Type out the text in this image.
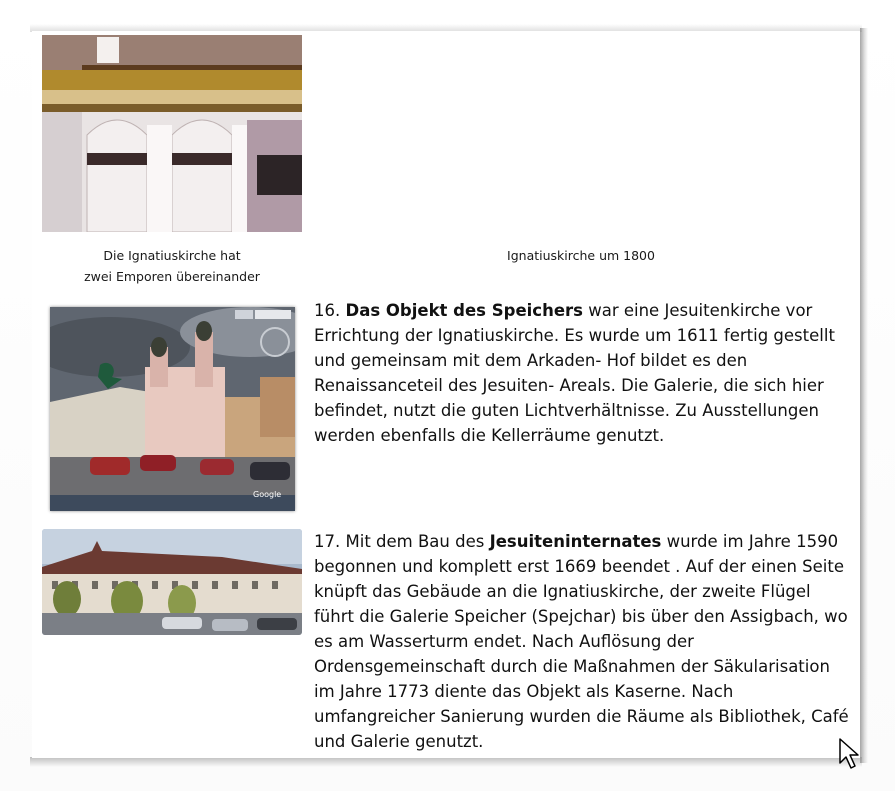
Die Ignatiuskirche hat
zwei Emporen übereinander
Ignatiuskirche um 1800
Google

16. Das Objekt des Speichers war eine Jesuitenkirche vor Errichtung der Ignatiuskirche. Es wurde um 1611 fertig gestellt und gemeinsam mit dem Arkaden- Hof bildet es den Renaissanceteil des Jesuiten- Areals. Die Galerie, die sich hier befindet, nutzt die guten Lichtverhältnisse. Zu Ausstellungen werden ebenfalls die Kellerräume genutzt.

17. Mit dem Bau des Jesuiteninternates wurde im Jahre 1590 begonnen und komplett erst 1669 beendet . Auf der einen Seite knüpft das Gebäude an die Ignatiuskirche, der zweite Flügel führt die Galerie Speicher (Spejchar) bis über den Assigbach, wo es am Wasserturm endet. Nach Auflösung der Ordensgemeinschaft durch die Maßnahmen der Säkularisation im Jahre 1773 diente das Objekt als Kaserne. Nach umfangreicher Sanierung wurden die Räume als Bibliothek, Café und Galerie genutzt.
